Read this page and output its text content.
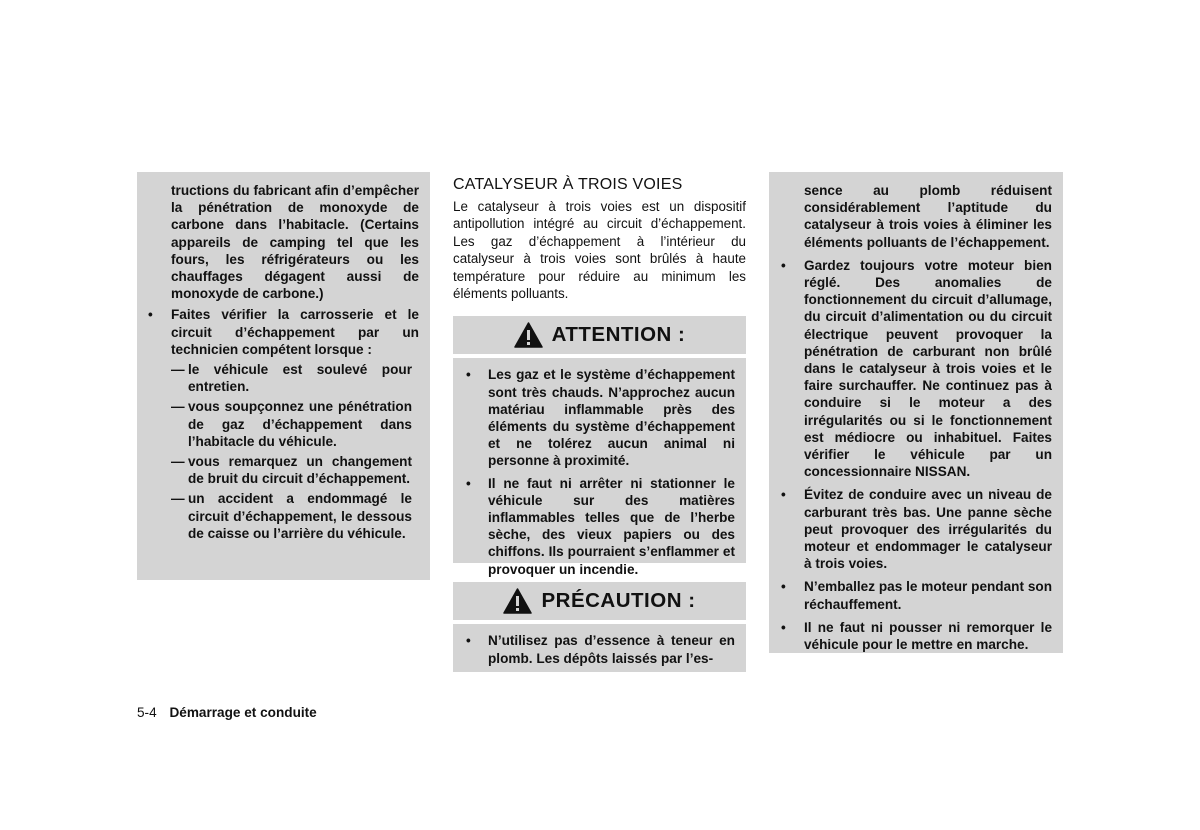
tructions du fabricant afin d’empêcher la pénétration de monoxyde de carbone dans l’habitacle. (Certains appareils de camping tel que les fours, les réfrigérateurs ou les chauffages dégagent aussi de monoxyde de carbone.)

• Faites vérifier la carrosserie et le circuit d’échappement par un technicien compétent lorsque :
— le véhicule est soulevé pour entretien.
— vous soupçonnez une pénétration de gaz d’échappement dans l’habitacle du véhicule.
— vous remarquez un changement de bruit du circuit d’échappement.
— un accident a endommagé le circuit d’échappement, le dessous de caisse ou l’arrière du véhicule.
CATALYSEUR À TROIS VOIES

Le catalyseur à trois voies est un dispositif antipollution intégré au circuit d’échappement. Les gaz d’échappement à l’intérieur du catalyseur à trois voies sont brûlés à haute température pour réduire au minimum les éléments polluants.

ATTENTION :
• Les gaz et le système d’échappement sont très chauds. N’approchez aucun matériau inflammable près des éléments du système d’échappement et ne tolérez aucun animal ni personne à proximité.
• Il ne faut ni arrêter ni stationner le véhicule sur des matières inflammables telles que de l’herbe sèche, des vieux papiers ou des chiffons. Ils pourraient s’enflammer et provoquer un incendie.
PRÉCAUTION :
• N’utilisez pas d’essence à teneur en plomb. Les dépôts laissés par l’es-

sence au plomb réduisent considérablement l’aptitude du catalyseur à trois voies à éliminer les éléments polluants de l’échappement.

• Gardez toujours votre moteur bien réglé. Des anomalies de fonctionnement du circuit d’allumage, du circuit d’alimentation ou du circuit électrique peuvent provoquer la pénétration de carburant non brûlé dans le catalyseur à trois voies et le faire surchauffer. Ne continuez pas à conduire si le moteur a des irrégularités ou si le fonctionnement est médiocre ou inhabituel. Faites vérifier le véhicule par un concessionnaire NISSAN.
• Évitez de conduire avec un niveau de carburant très bas. Une panne sèche peut provoquer des irrégularités du moteur et endommager le catalyseur à trois voies.
• N’emballez pas le moteur pendant son réchauffement.
• Il ne faut ni pousser ni remorquer le véhicule pour le mettre en marche.
5-4 Démarrage et conduite
